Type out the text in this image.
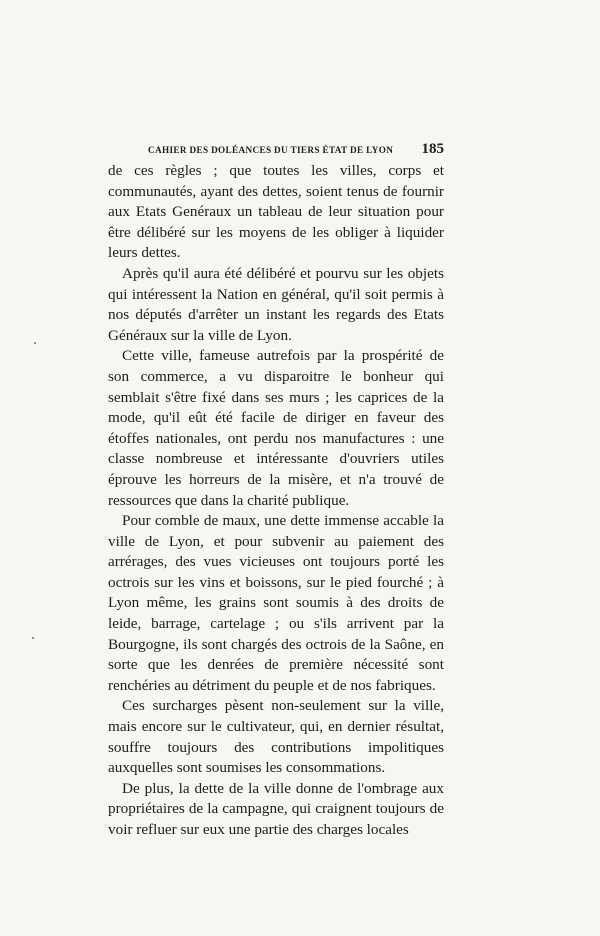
CAHIER DES DOLÉANCES DU TIERS ÉTAT DE LYON 185

de ces règles ; que toutes les villes, corps et communautés, ayant des dettes, soient tenus de fournir aux Etats Genéraux un tableau de leur situation pour être délibéré sur les moyens de les obliger à liquider leurs dettes.

Après qu'il aura été délibéré et pourvu sur les objets qui intéressent la Nation en général, qu'il soit permis à nos députés d'arrêter un instant les regards des Etats Généraux sur la ville de Lyon.

Cette ville, fameuse autrefois par la prospérité de son commerce, a vu disparoitre le bonheur qui semblait s'être fixé dans ses murs ; les caprices de la mode, qu'il eût été facile de diriger en faveur des étoffes nationales, ont perdu nos manufactures : une classe nombreuse et intéressante d'ouvriers utiles éprouve les horreurs de la misère, et n'a trouvé de ressources que dans la charité publique.

Pour comble de maux, une dette immense accable la ville de Lyon, et pour subvenir au paiement des arrérages, des vues vicieuses ont toujours porté les octrois sur les vins et boissons, sur le pied fourché ; à Lyon même, les grains sont soumis à des droits de leide, barrage, cartelage ; ou s'ils arrivent par la Bourgogne, ils sont chargés des octrois de la Saône, en sorte que les denrées de première nécessité sont renchéries au détriment du peuple et de nos fabriques.

Ces surcharges pèsent non-seulement sur la ville, mais encore sur le cultivateur, qui, en dernier résultat, souffre toujours des contributions impolitiques auxquelles sont soumises les consommations.

De plus, la dette de la ville donne de l'ombrage aux propriétaires de la campagne, qui craignent toujours de voir refluer sur eux une partie des charges locales
